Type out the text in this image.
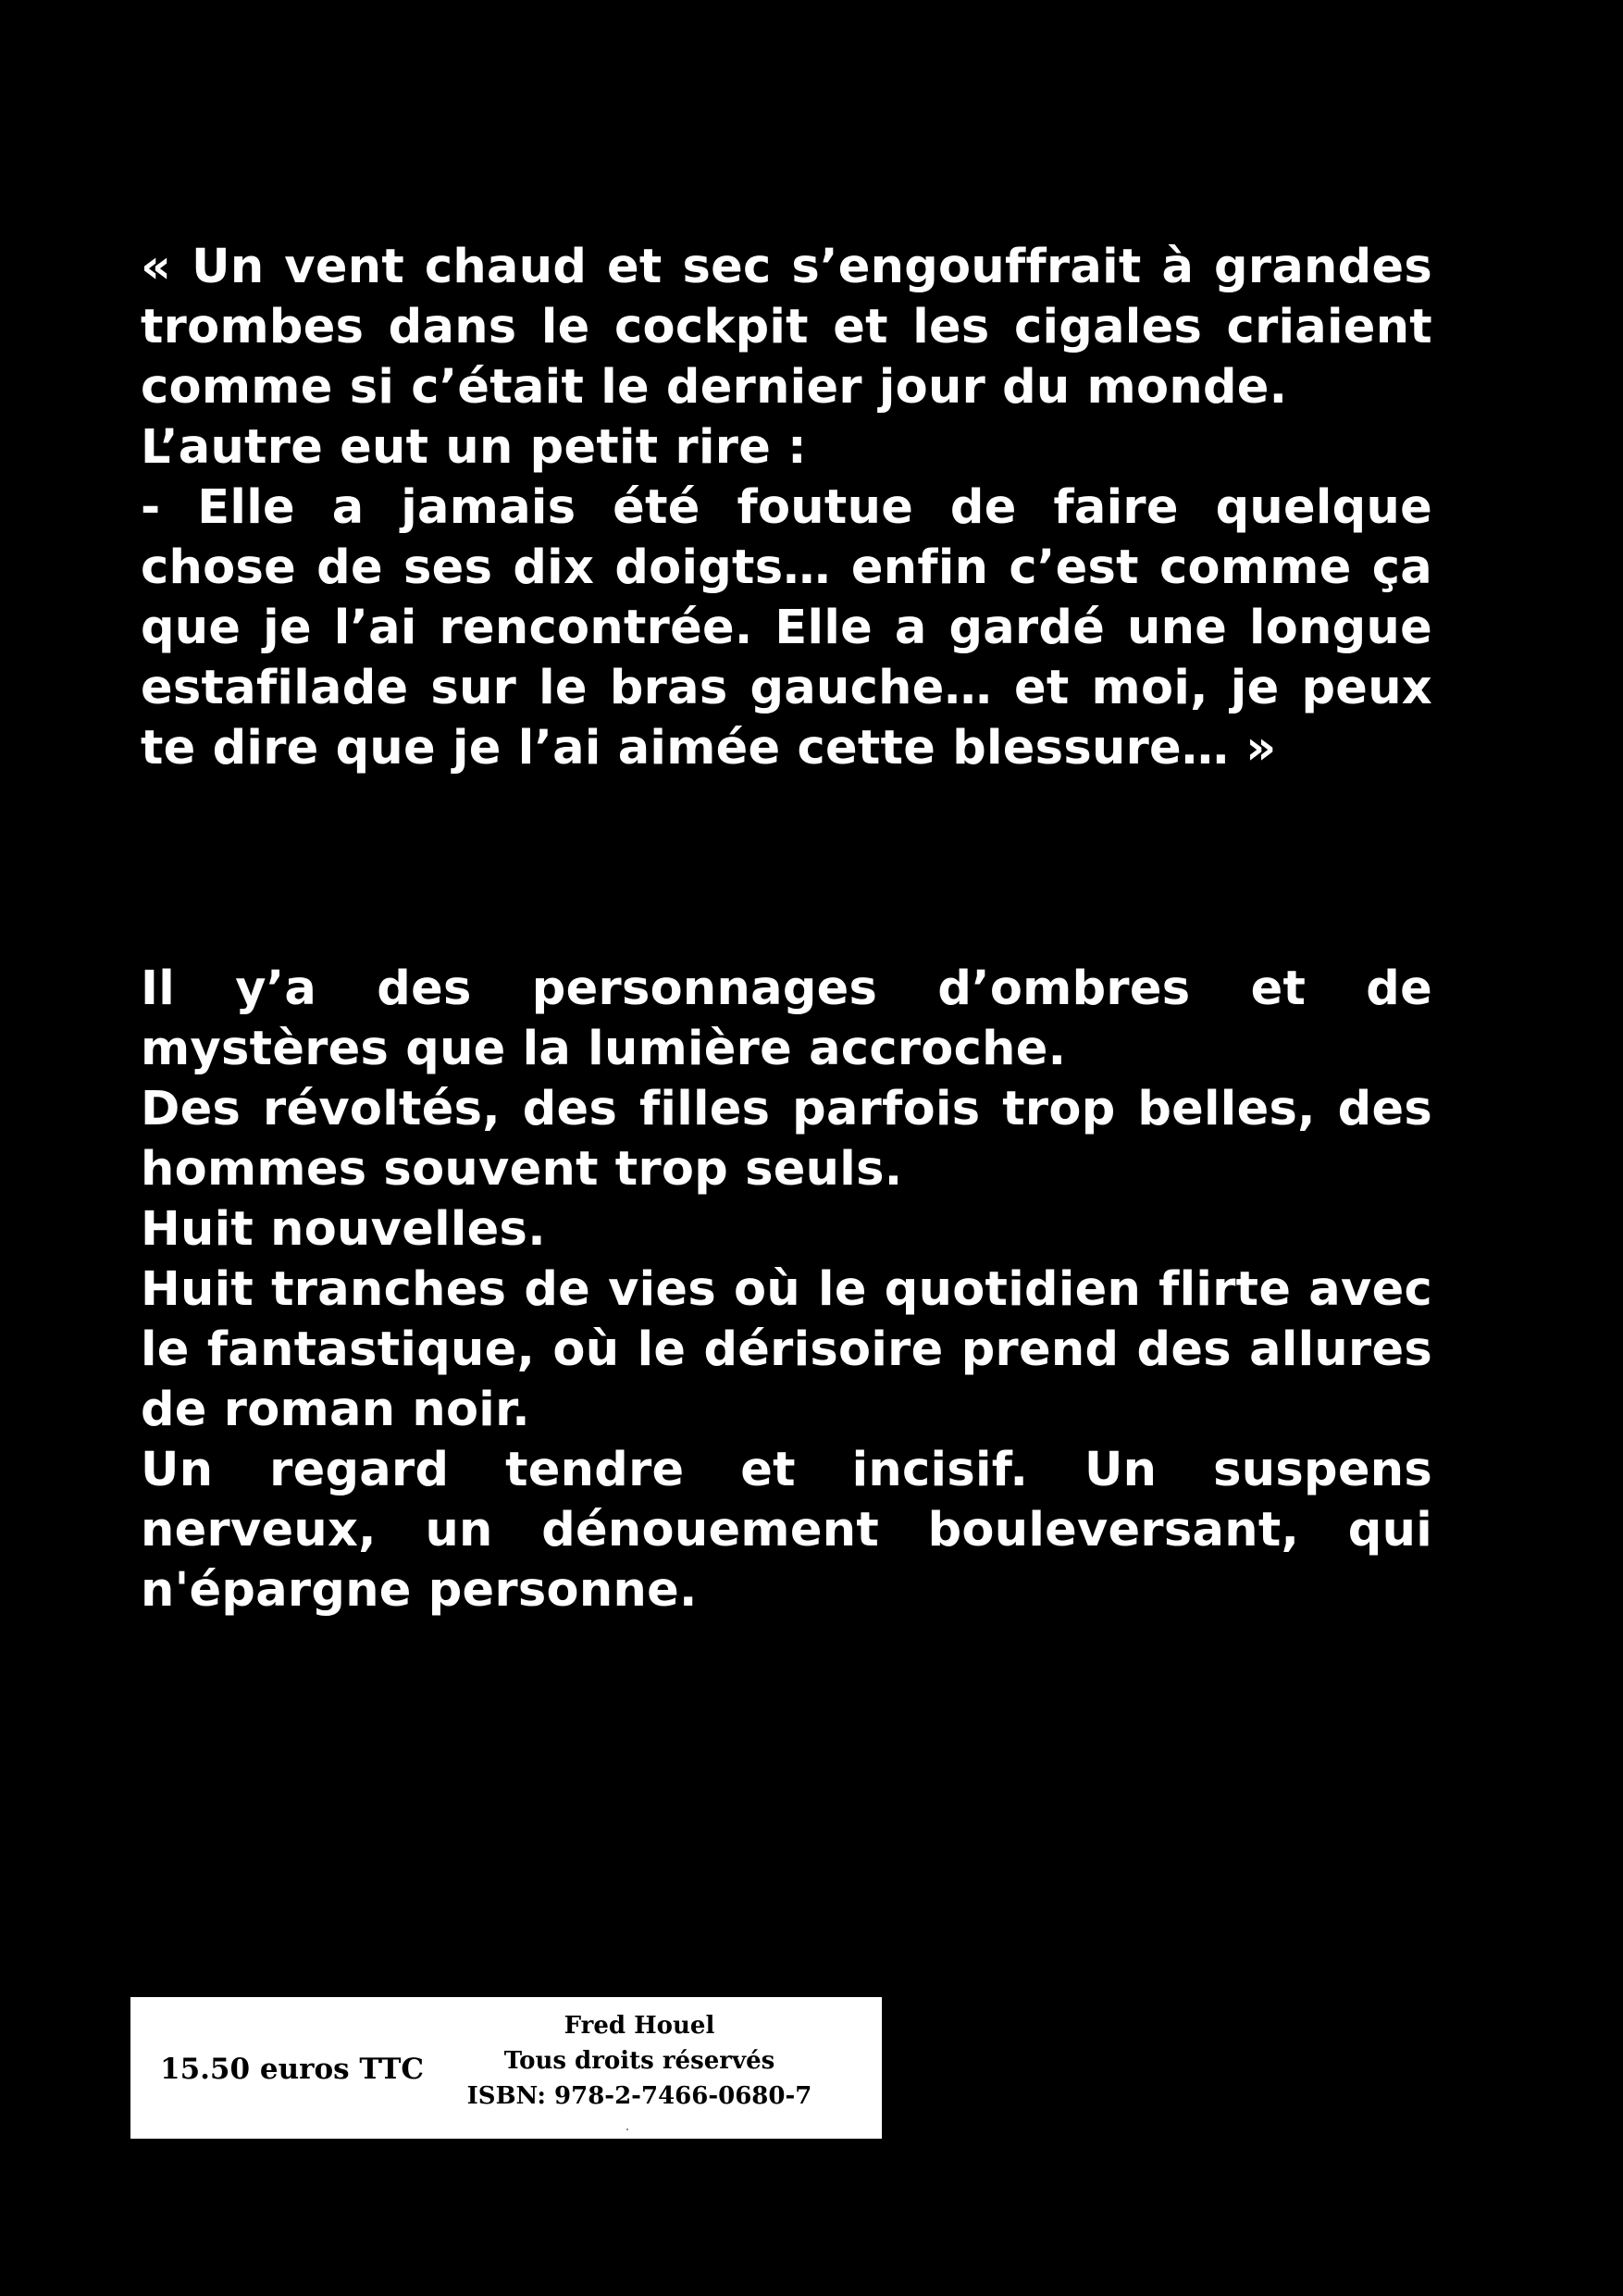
« Un vent chaud et sec s’engouffrait à grandes trombes dans le cockpit et les cigales criaient comme si c’était le dernier jour du monde.

L’autre eut un petit rire :

- Elle a jamais été foutue de faire quelque chose de ses dix doigts… enfin c’est comme ça que je l’ai rencontrée. Elle a gardé une longue estafilade sur le bras gauche… et moi, je peux te dire que je l’ai aimée cette blessure… »

Il y’a des personnages d’ombres et de mystères que la lumière accroche.

Des révoltés, des filles parfois trop belles, des hommes souvent trop seuls.

Huit nouvelles.

Huit tranches de vies où le quotidien flirte avec le fantastique, où le dérisoire prend des allures de roman noir.

Un regard tendre et incisif. Un suspens nerveux, un dénouement bouleversant, qui n'épargne personne.

15.50 euros TTC
Fred Houel
Tous droits réservés
ISBN: 978-2-7466-0680-7
